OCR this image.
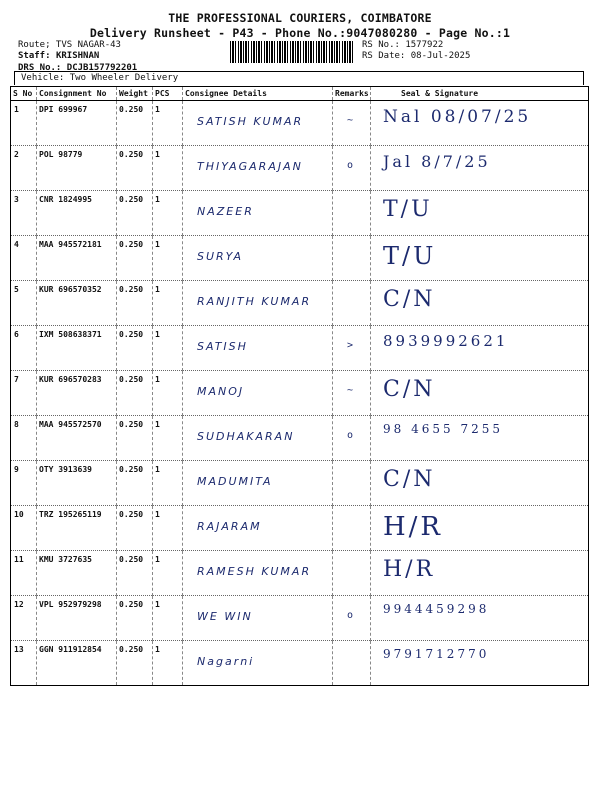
THE PROFESSIONAL COURIERS, COIMBATORE
Delivery Runsheet - P43 - Phone No.:9047080280 - Page No.:1
Route; TVS NAGAR-43
Staff: KRISHNAN
DRS No.: DCJB157792201
RS No.: 1577922
RS Date: 08-Jul-2025
Vehicle: Two Wheeler Delivery
S No	Consignment No	Weight	PCS	Consignee Details	Remarks	Seal & Signature
1	DPI 699967	0.250	1	SATISH KUMAR	~	Nal 08/07/25

2	POL 98779	0.250	1	THIYAGARAJAN	o	Jal 8/7/25

3	CNR 1824995	0.250	1	NAZEER		T/U

4	MAA 945572181	0.250	1	SURYA		T/U

5	KUR 696570352	0.250	1	RANJITH KUMAR		C/N

6	IXM 508638371	0.250	1	SATISH	>	8939992621

7	KUR 696570283	0.250	1	MANOJ	~	C/N

8	MAA 945572570	0.250	1	SUDHAKARAN	o	98 4655 7255

9	OTY 3913639	0.250	1	MADUMITA		C/N

10	TRZ 195265119	0.250	1	RAJARAM		H/R

11	KMU 3727635	0.250	1	RAMESH KUMAR		H/R

12	VPL 952979298	0.250	1	WE WIN	o	9944459298

13	GGN 911912854	0.250	1	Nagarni		9791712770
